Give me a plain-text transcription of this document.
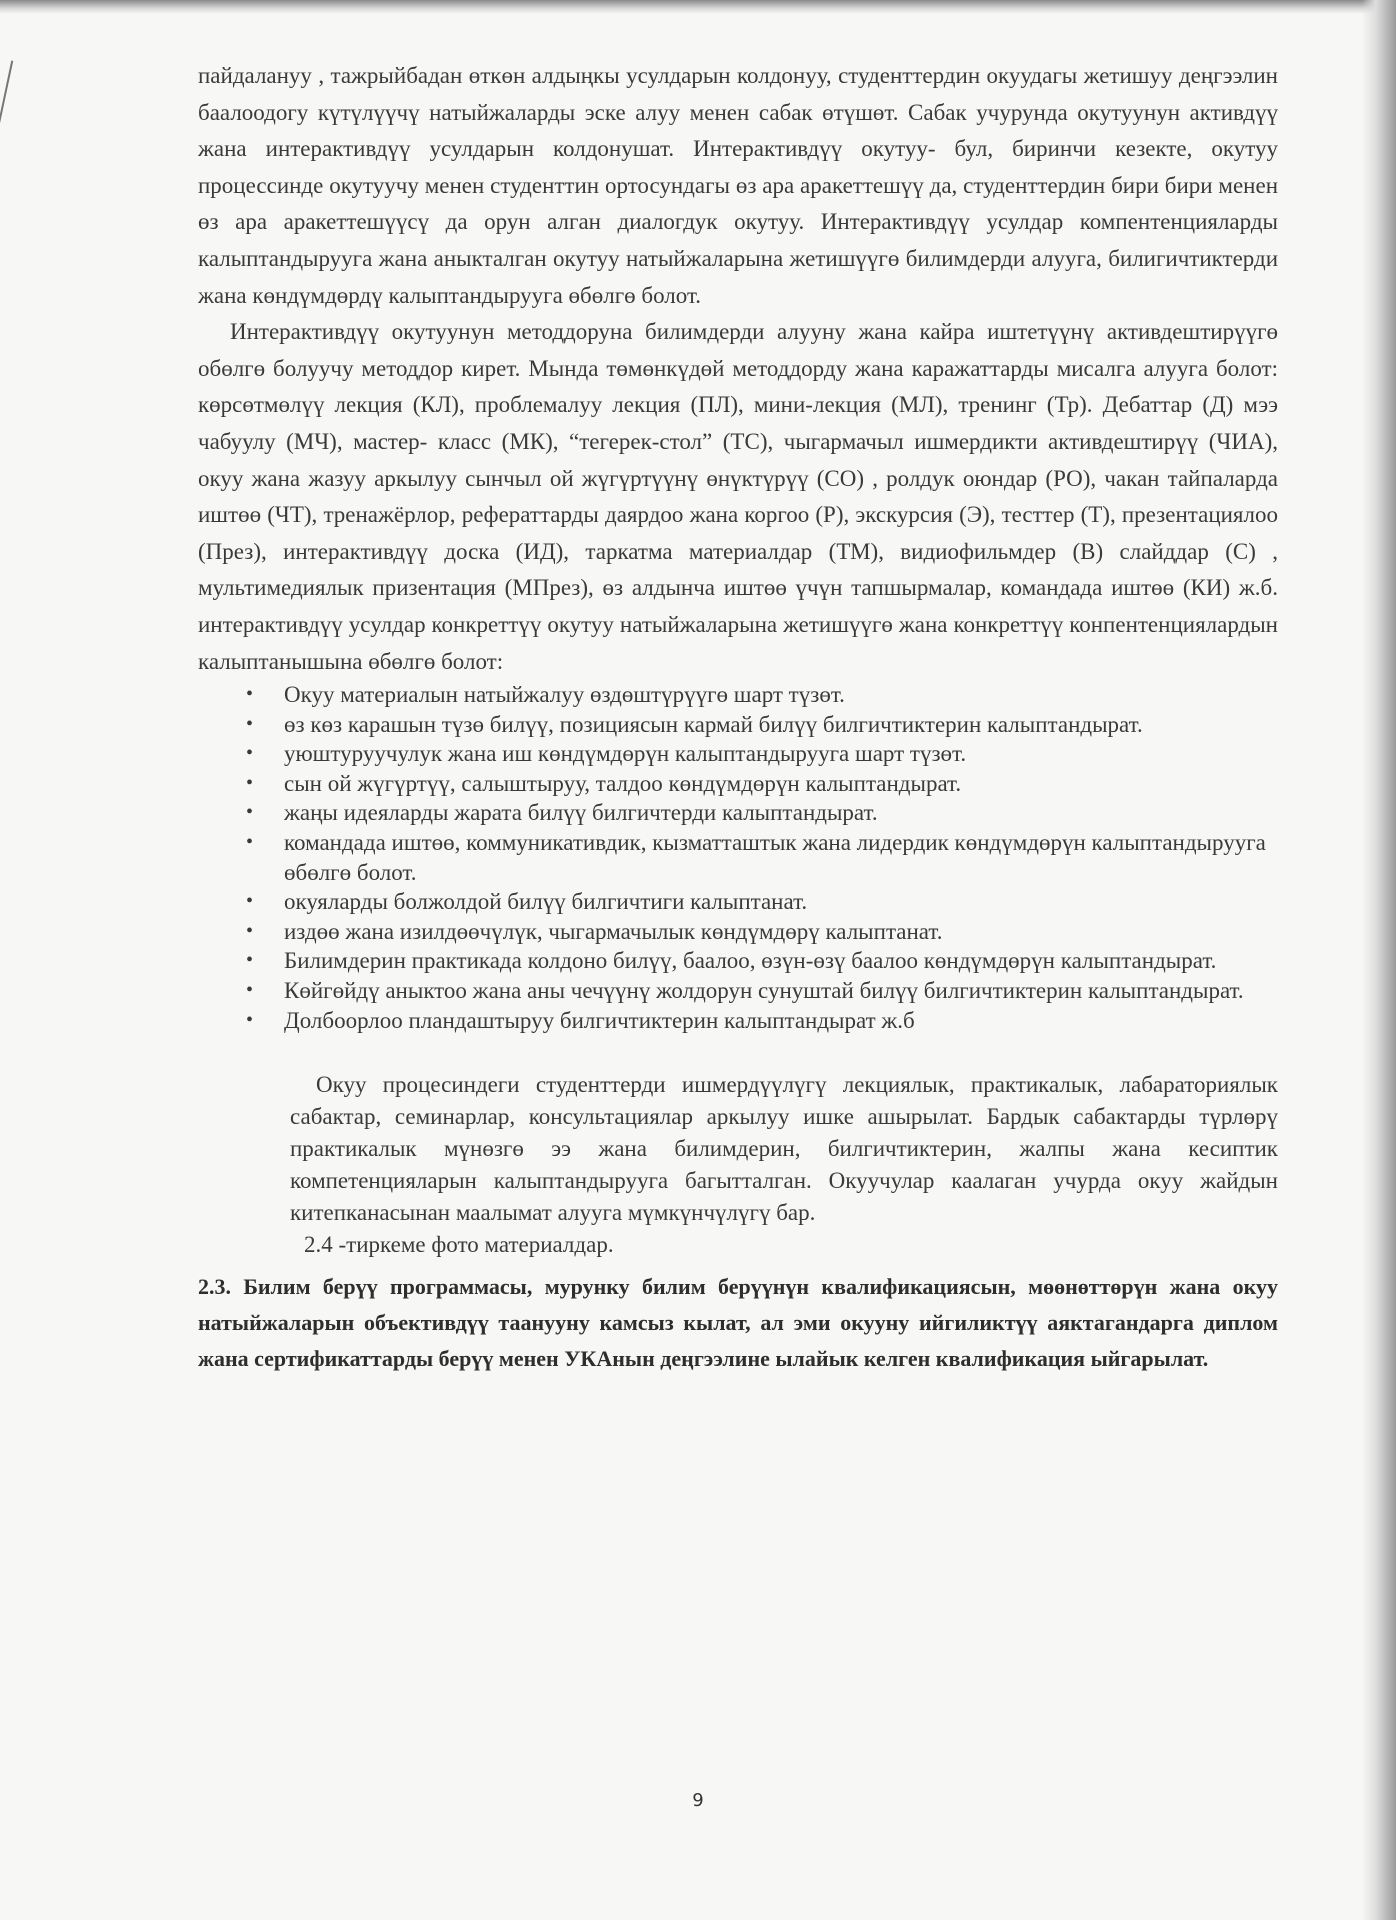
пайдалануу , тажрыйбадан өткөн алдыңкы усулдарын колдонуу, студенттердин окуудагы жетишуу деңгээлин баалоодогу күтүлүүчү натыйжаларды эске алуу менен сабак өтүшөт. Сабак учурунда окутуунун активдүү жана интерактивдүү усулдарын колдонушат. Интерактивдүү окутуу- бул, биринчи кезекте, окутуу процессинде окутуучу менен студенттин ортосундагы өз ара аракеттешүү да, студенттердин бири бири менен өз ара аракеттешүүсү да орун алган диалогдук окутуу. Интерактивдүү усулдар компентенцияларды калыптандырууга жана аныкталган окутуу натыйжаларына жетишүүгө билимдерди алууга, билигичтиктерди жана көндүмдөрдү калыптандырууга өбөлгө болот.

Интерактивдүү окутуунун методдоруна билимдерди алууну жана кайра иштетүүнү активдештирүүгө обөлгө болуучу методдор кирет. Мында төмөнкүдөй методдорду жана каражаттарды мисалга алууга болот: көрсөтмөлүү лекция (КЛ), проблемалуу лекция (ПЛ), мини-лекция (МЛ), тренинг (Тр). Дебаттар (Д) мээ чабуулу (МЧ), мастер- класс (МК), “тегерек-стол” (ТС), чыгармачыл ишмердикти активдештирүү (ЧИА), окуу жана жазуу аркылуу сынчыл ой жүгүртүүнү өнүктүрүү (СО) , ролдук оюндар (РО), чакан тайпаларда иштөө (ЧТ), тренажёрлор, рефераттарды даярдоо жана коргоо (Р), экскурсия (Э), тесттер (Т), презентациялоо (През), интерактивдүү доска (ИД), таркатма материалдар (ТМ), видиофильмдер (В) слайддар (С) , мультимедиялык призентация (МПрез), өз алдынча иштөө үчүн тапшырмалар, командада иштөө (КИ) ж.б. интерактивдүү усулдар конкреттүү окутуу натыйжаларына жетишүүгө жана конкреттүү конпентенциялардын калыптанышына өбөлгө болот:

• Окуу материалын натыйжалуу өздөштүрүүгө шарт түзөт.
• өз көз карашын түзө билүү, позициясын кармай билүү билгичтиктерин калыптандырат.
• уюштуруучулук жана иш көндүмдөрүн калыптандырууга шарт түзөт.
• сын ой жүгүртүү, салыштыруу, талдоо көндүмдөрүн калыптандырат.
• жаңы идеяларды жарата билүү билгичтерди калыптандырат.
• командада иштөө, коммуникативдик, кызматташтык жана лидердик көндүмдөрүн калыптандырууга өбөлгө болот.
• окуяларды болжолдой билүү билгичтиги калыптанат.
• издөө жана изилдөөчүлүк, чыгармачылык көндүмдөрү калыптанат.
• Билимдерин практикада колдоно билүү, баалоо, өзүн-өзү баалоо көндүмдөрүн калыптандырат.
• Көйгөйдү аныктоо жана аны чечүүнү жолдорун сунуштай билүү билгичтиктерин калыптандырат.
• Долбоорлоо пландаштыруу билгичтиктерин калыптандырат ж.б

Окуу процесиндеги студенттерди ишмердүүлүгү лекциялык, практикалык, лабараториялык сабактар, семинарлар, консультациялар аркылуу ишке ашырылат. Бардык сабактарды түрлөрү практикалык мүнөзгө ээ жана билимдерин, билгичтиктерин, жалпы жана кесиптик компетенцияларын калыптандырууга багытталган. Окуучулар каалаган учурда окуу жайдын китепканасынан маалымат алууга мүмкүнчүлүгү бар.
2.4 -тиркеме фото материалдар.

2.3. Билим берүү программасы, мурунку билим берүүнүн квалификациясын, мөөнөттөрүн жана окуу натыйжаларын объективдүү таанууну камсыз кылат, ал эми окууну ийгиликтүү аяктагандарга диплом жана сертификаттарды берүү менен УКАнын деңгээлине ылайык келген квалификация ыйгарылат.

9
